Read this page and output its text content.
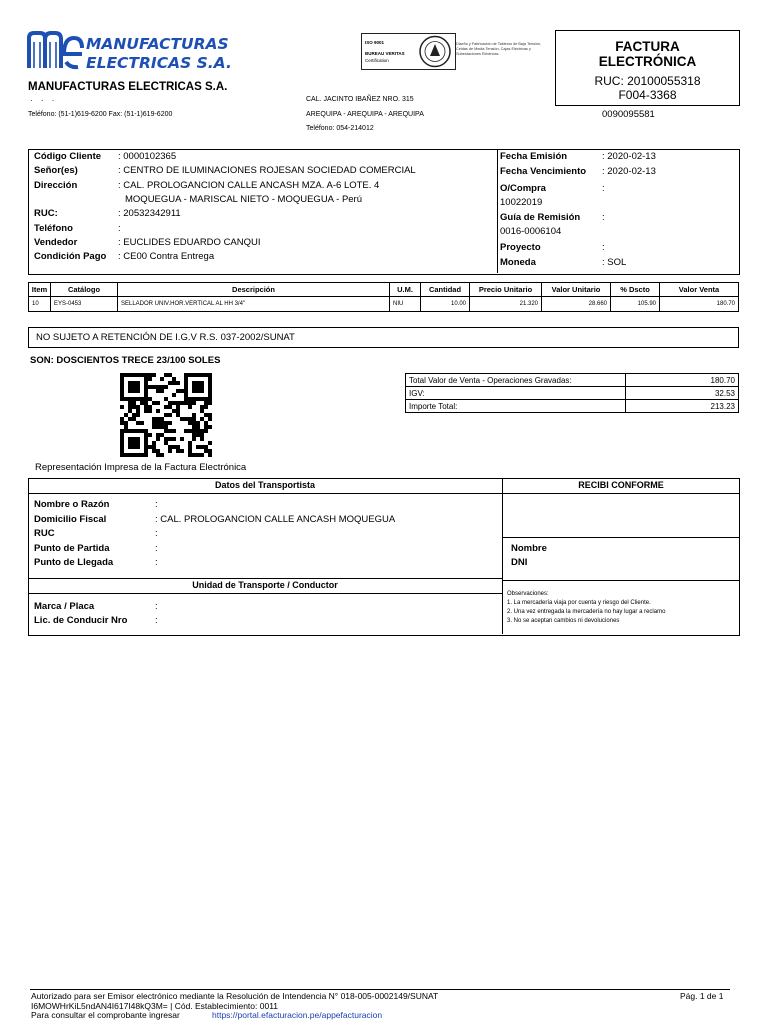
MANUFACTURAS
ELECTRICAS S.A.
MANUFACTURAS ELECTRICAS S.A.
· · ·
Teléfono: (51-1)619-6200 Fax: (51-1)619-6200
CAL. JACINTO IBAÑEZ NRO. 315
AREQUIPA - AREQUIPA - AREQUIPA
Teléfono: 054-214012
ISO 9001
BUREAU VERITAS
Certification
Diseño y Fabricación de Tableros de Baja Tensión, Celdas de Media Tensión, Cajas Eléctricas y Subestaciones Eléctricas.	FACTURA
ELECTRÓNICA
RUC: 20100055318
F004-3368
0090095581
Código Cliente : 0000102365
Señor(es)	: CENTRO DE ILUMINACIONES ROJESAN SOCIEDAD COMERCIAL
Dirección	: CAL. PROLOGANCION CALLE ANCASH MZA. A-6 LOTE. 4
MOQUEGUA - MARISCAL NIETO - MOQUEGUA - Perú
RUC:	: 20532342911
Teléfono	:
Vendedor	: EUCLIDES EDUARDO CANQUI
Condición Pago : CE00 Contra Entrega
Fecha Emisión	: 2020-02-13
Fecha Vencimiento : 2020-02-13
O/Compra	:
10022019
Guía de Remisión :
0016-0006104
Proyecto	:
Moneda	: SOL
Item	Catálogo	Descripción	U.M.	Cantidad	Precio Unitario	Valor Unitario	% Dscto	Valor Venta
10	EYS-0453	SELLADOR UNIV.HOR.VERTICAL AL HH 3/4"	NIU	10.00	21.320	28.660	105.90	180.70
NO SUJETO A RETENCIÓN DE I.G.V R.S. 037-2002/SUNAT
SON: DOSCIENTOS TRECE 23/100 SOLES
Total Valor de Venta - Operaciones Gravadas:	180.70
IGV:	32.53
Importe Total:	213.23
Representación Impresa de la Factura Electrónica
Datos del Transportista	RECIBI CONFORME
Nombre o Razón	:
Domicilio Fiscal	: CAL. PROLOGANCION CALLE ANCASH MOQUEGUA
RUC	:
Punto de Partida	:
Punto de Llegada	:
Nombre
DNI
Unidad de Transporte / Conductor
Marca / Placa	:
Lic. de Conducir Nro	:
Observaciones:
1. La mercadería viaja por cuenta y riesgo del Cliente.
2. Una vez entregada la mercadería no hay lugar a reclamo
3. No se aceptan cambios ni devoluciones
Autorizado para ser Emisor electrónico mediante la Resolución de Intendencia N° 018-005-0002149/SUNAT	Pág. 1 de 1
I6MOWHrKiL5ndAN4I617I48kQ3M= | Cód. Establecimiento: 0011
Para consultar el comprobante ingresar	https://portal.efacturacion.pe/appefacturacion
